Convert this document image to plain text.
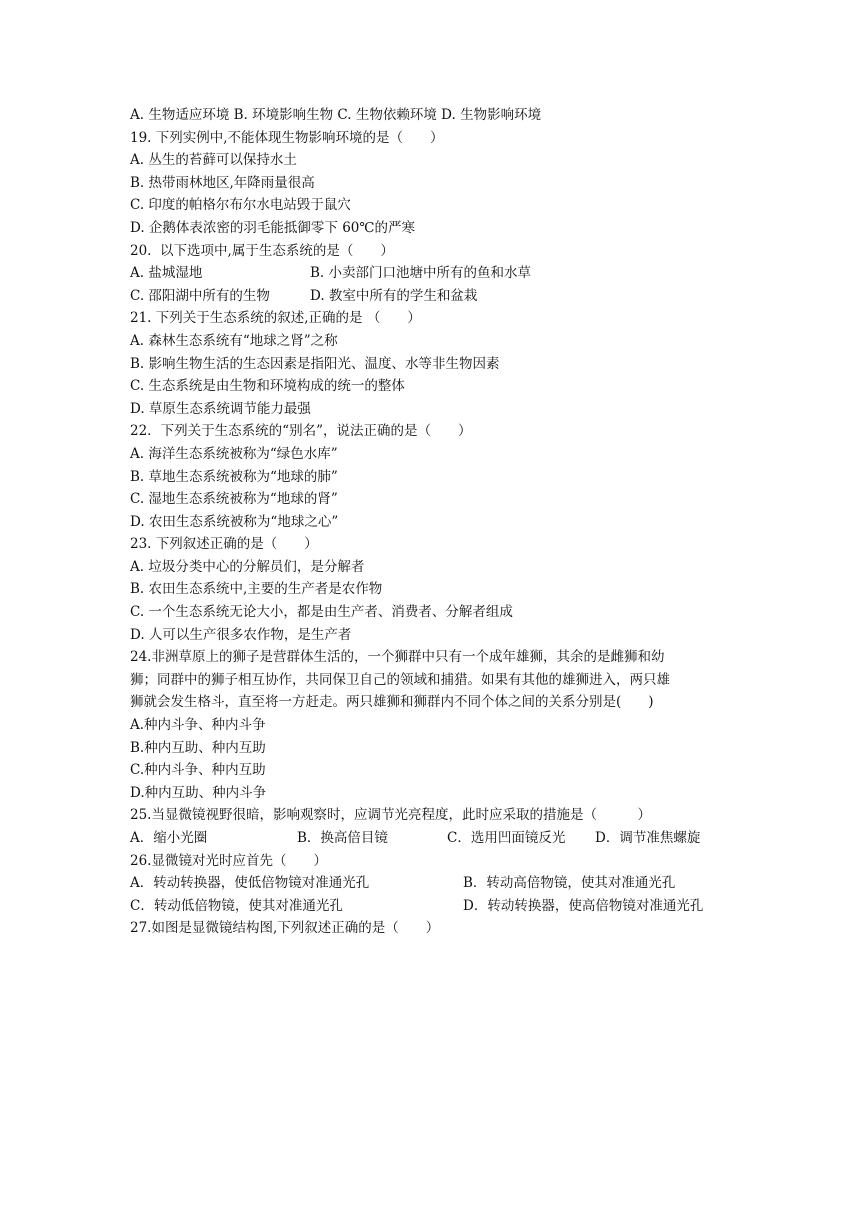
A. 生物适应环境 B. 环境影响生物 C. 生物依赖环境 D. 生物影响环境
19. 下列实例中,不能体现生物影响环境的是（　　）
A. 丛生的苔藓可以保持水土
B. 热带雨林地区,年降雨量很高
C. 印度的帕格尔布尔水电站毁于鼠穴
D. 企鹅体表浓密的羽毛能抵御零下 60℃的严寒
20.  以下选项中,属于生态系统的是（　　）
A. 盐城湿地	B. 小卖部门口池塘中所有的鱼和水草
C. 邵阳湖中所有的生物	D. 教室中所有的学生和盆栽
21. 下列关于生态系统的叙述,正确的是 （　　）
A. 森林生态系统有“地球之肾”之称
B. 影响生物生活的生态因素是指阳光、温度、水等非生物因素
C. 生态系统是由生物和环境构成的统一的整体
D. 草原生态系统调节能力最强
22．下列关于生态系统的“别名”，说法正确的是（　　）
A. 海洋生态系统被称为“绿色水库”
B. 草地生态系统被称为“地球的肺”
C. 湿地生态系统被称为“地球的肾”
D. 农田生态系统被称为“地球之心”
23. 下列叙述正确的是（　　）
A. 垃圾分类中心的分解员们，是分解者
B. 农田生态系统中,主要的生产者是农作物
C. 一个生态系统无论大小，都是由生产者、消费者、分解者组成
D. 人可以生产很多农作物，是生产者
24.非洲草原上的狮子是营群体生活的，一个狮群中只有一个成年雄狮，其余的是雌狮和幼
狮；同群中的狮子相互协作，共同保卫自己的领域和捕猎。如果有其他的雄狮进入，两只雄
狮就会发生格斗，直至将一方赶走。两只雄狮和狮群内不同个体之间的关系分别是(　　)
A.种内斗争、种内斗争
B.种内互助、种内互助
C.种内斗争、种内互助
D.种内互助、种内斗争
25.当显微镜视野很暗，影响观察时，应调节光亮程度，此时应采取的措施是（　　　）
A．缩小光圈	B．换高倍目镜	C．选用凹面镜反光 D．调节准焦螺旋
26.显微镜对光时应首先（　　）
A．转动转换器，使低倍物镜对准通光孔	B．转动高倍物镜，使其对准通光孔
C．转动低倍物镜，使其对准通光孔	D．转动转换器，使高倍物镜对准通光孔
27.如图是显微镜结构图,下列叙述正确的是（　　）
